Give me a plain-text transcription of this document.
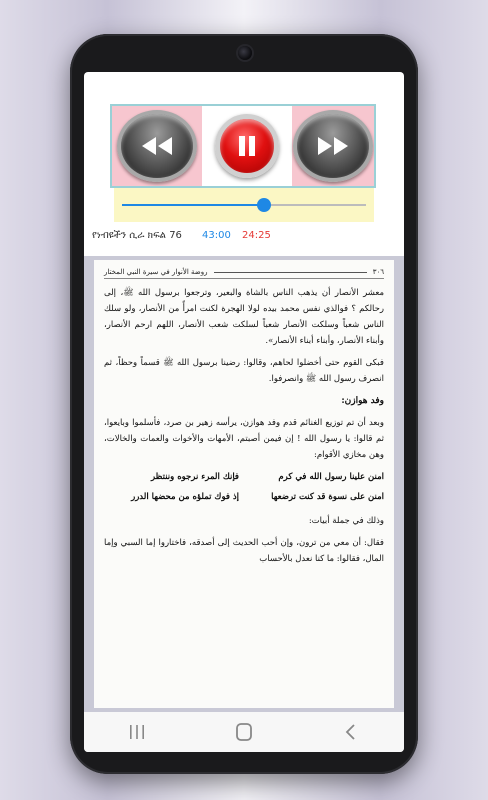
የነብዩችን ሲራ ክፍል 76 43:00 24:25
٣٠٦
روضة الأنوار في سيرة النبي المختار

معشر الأنصار أن يذهب الناس بالشاة والبعير، وترجعوا برسول الله ﷺ، إلى رحالكم ؟ فوالذي نفس محمد بيده لولا الهجرة لكنت امرأً من الأنصار، ولو سلك الناس شعباً وسلكت الأنصار شعباً لسلكت شعب الأنصار، اللهم ارحم الأنصار، وأبناء الأنصار، وأبناء أبناء الأنصار».

فبكى القوم حتى أخضلوا لحاهم، وقالوا: رضينا برسول الله ﷺ قسماً وحظاً، ثم انصرف رسول الله ﷺ وانصرفوا.

وفد هوازن:

وبعد أن تم توزيع الغنائم قدم وفد هوازن، يرأسه زهير بن صرد، فأسلموا وبايعوا، ثم قالوا: يا رسول الله ! إن فيمن أصبتم، الأمهات والأخوات والعمات والخالات، وهن مخازي الأقوام:

امنن علينا رسول الله في كرم
فإنك المرء نرجوه وننتظر
امنن على نسوة قد كنت ترضعها
إذ فوك تملؤه من محضها الدرر

وذلك في جملة أبيات:

فقال: أن معي من ترون، وإن أحب الحديث إلى أصدقه، فاختاروا إما السبي وإما المال، فقالوا: ما كنا نعدل بالأحساب
